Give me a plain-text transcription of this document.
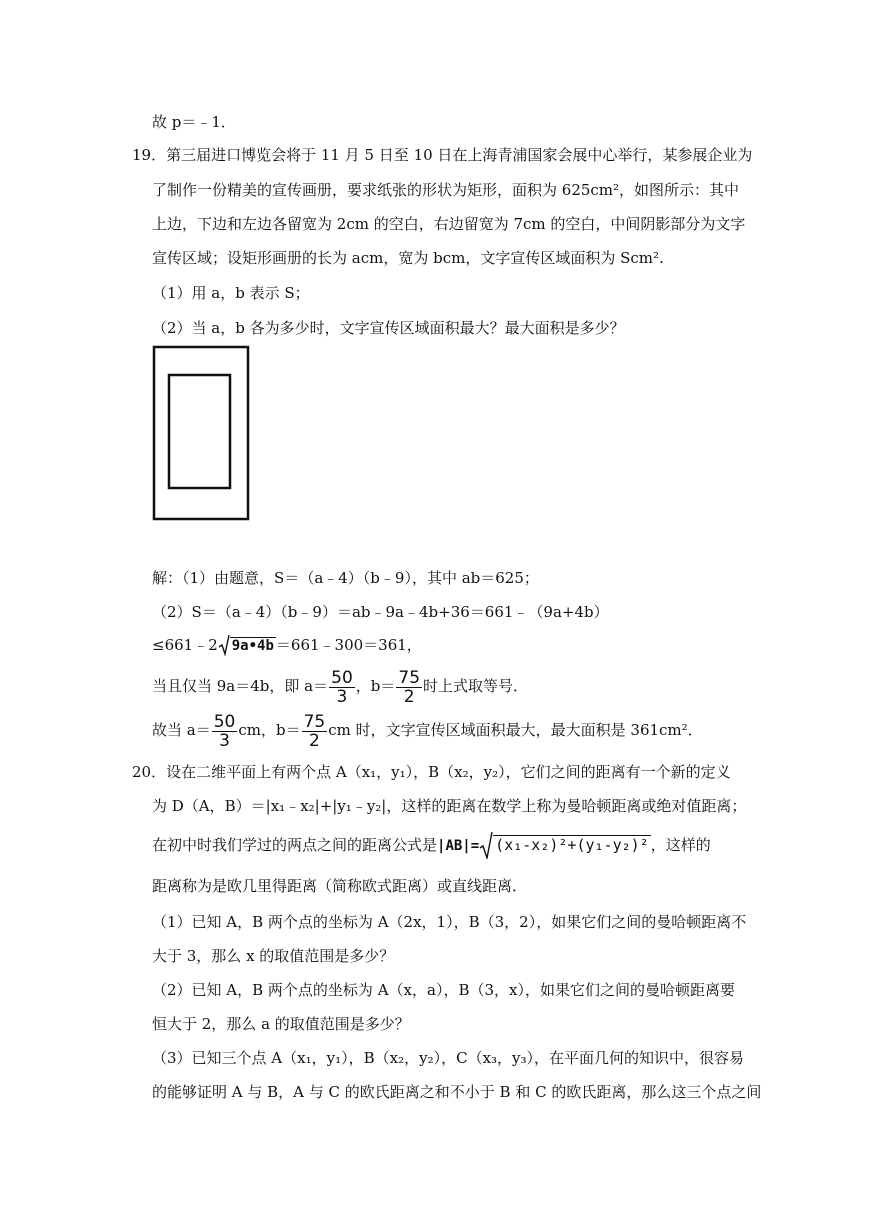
故 p＝﹣1．
19．第三届进口博览会将于 11 月 5 日至 10 日在上海青浦国家会展中心举行，某参展企业为
了制作一份精美的宣传画册，要求纸张的形状为矩形，面积为 625cm²，如图所示：其中
上边，下边和左边各留宽为 2cm 的空白，右边留宽为 7cm 的空白，中间阴影部分为文字
宣传区域；设矩形画册的长为 acm，宽为 bcm，文字宣传区域面积为 Scm².
（1）用 a，b 表示 S；
（2）当 a，b 各为多少时，文字宣传区域面积最大？最大面积是多少？
解：（1）由题意，S＝（a﹣4）（b﹣9），其中 ab＝625；
（2）S＝（a﹣4）（b﹣9）＝ab﹣9a﹣4b+36＝661﹣（9a+4b）
≤661﹣2 9a•4b ＝661﹣300＝361，
当且仅当 9a＝4b，即 $a= \frac{50}{3}$ ，$b= \frac{75}{2}$ 时上式取等号．
故当 $a= \frac{50}{3}$ cm，$b= \frac{75}{2}$ cm 时，文字宣传区域面积最大，最大面积是 361cm²．
20．设在二维平面上有两个点 A（x₁，y₁），B（x₂，y₂），它们之间的距离有一个新的定义
为 D（A，B）＝|x₁﹣x₂|+|y₁﹣y₂|，这样的距离在数学上称为曼哈顿距离或绝对值距离；
在初中时我们学过的两点之间的距离公式是|AB|= (x₁-x₂)²+(y₁-y₂)² ，这样的
距离称为是欧几里得距离（简称欧式距离）或直线距离．
（1）已知 A，B 两个点的坐标为 A（2x，1），B（3，2），如果它们之间的曼哈顿距离不
大于 3，那么 x 的取值范围是多少？
（2）已知 A，B 两个点的坐标为 A（x，a），B（3，x），如果它们之间的曼哈顿距离要
恒大于 2，那么 a 的取值范围是多少？
（3）已知三个点 A（x₁，y₁），B（x₂，y₂），C（x₃，y₃），在平面几何的知识中，很容易
的能够证明 A 与 B，A 与 C 的欧氏距离之和不小于 B 和 C 的欧氏距离，那么这三个点之间
